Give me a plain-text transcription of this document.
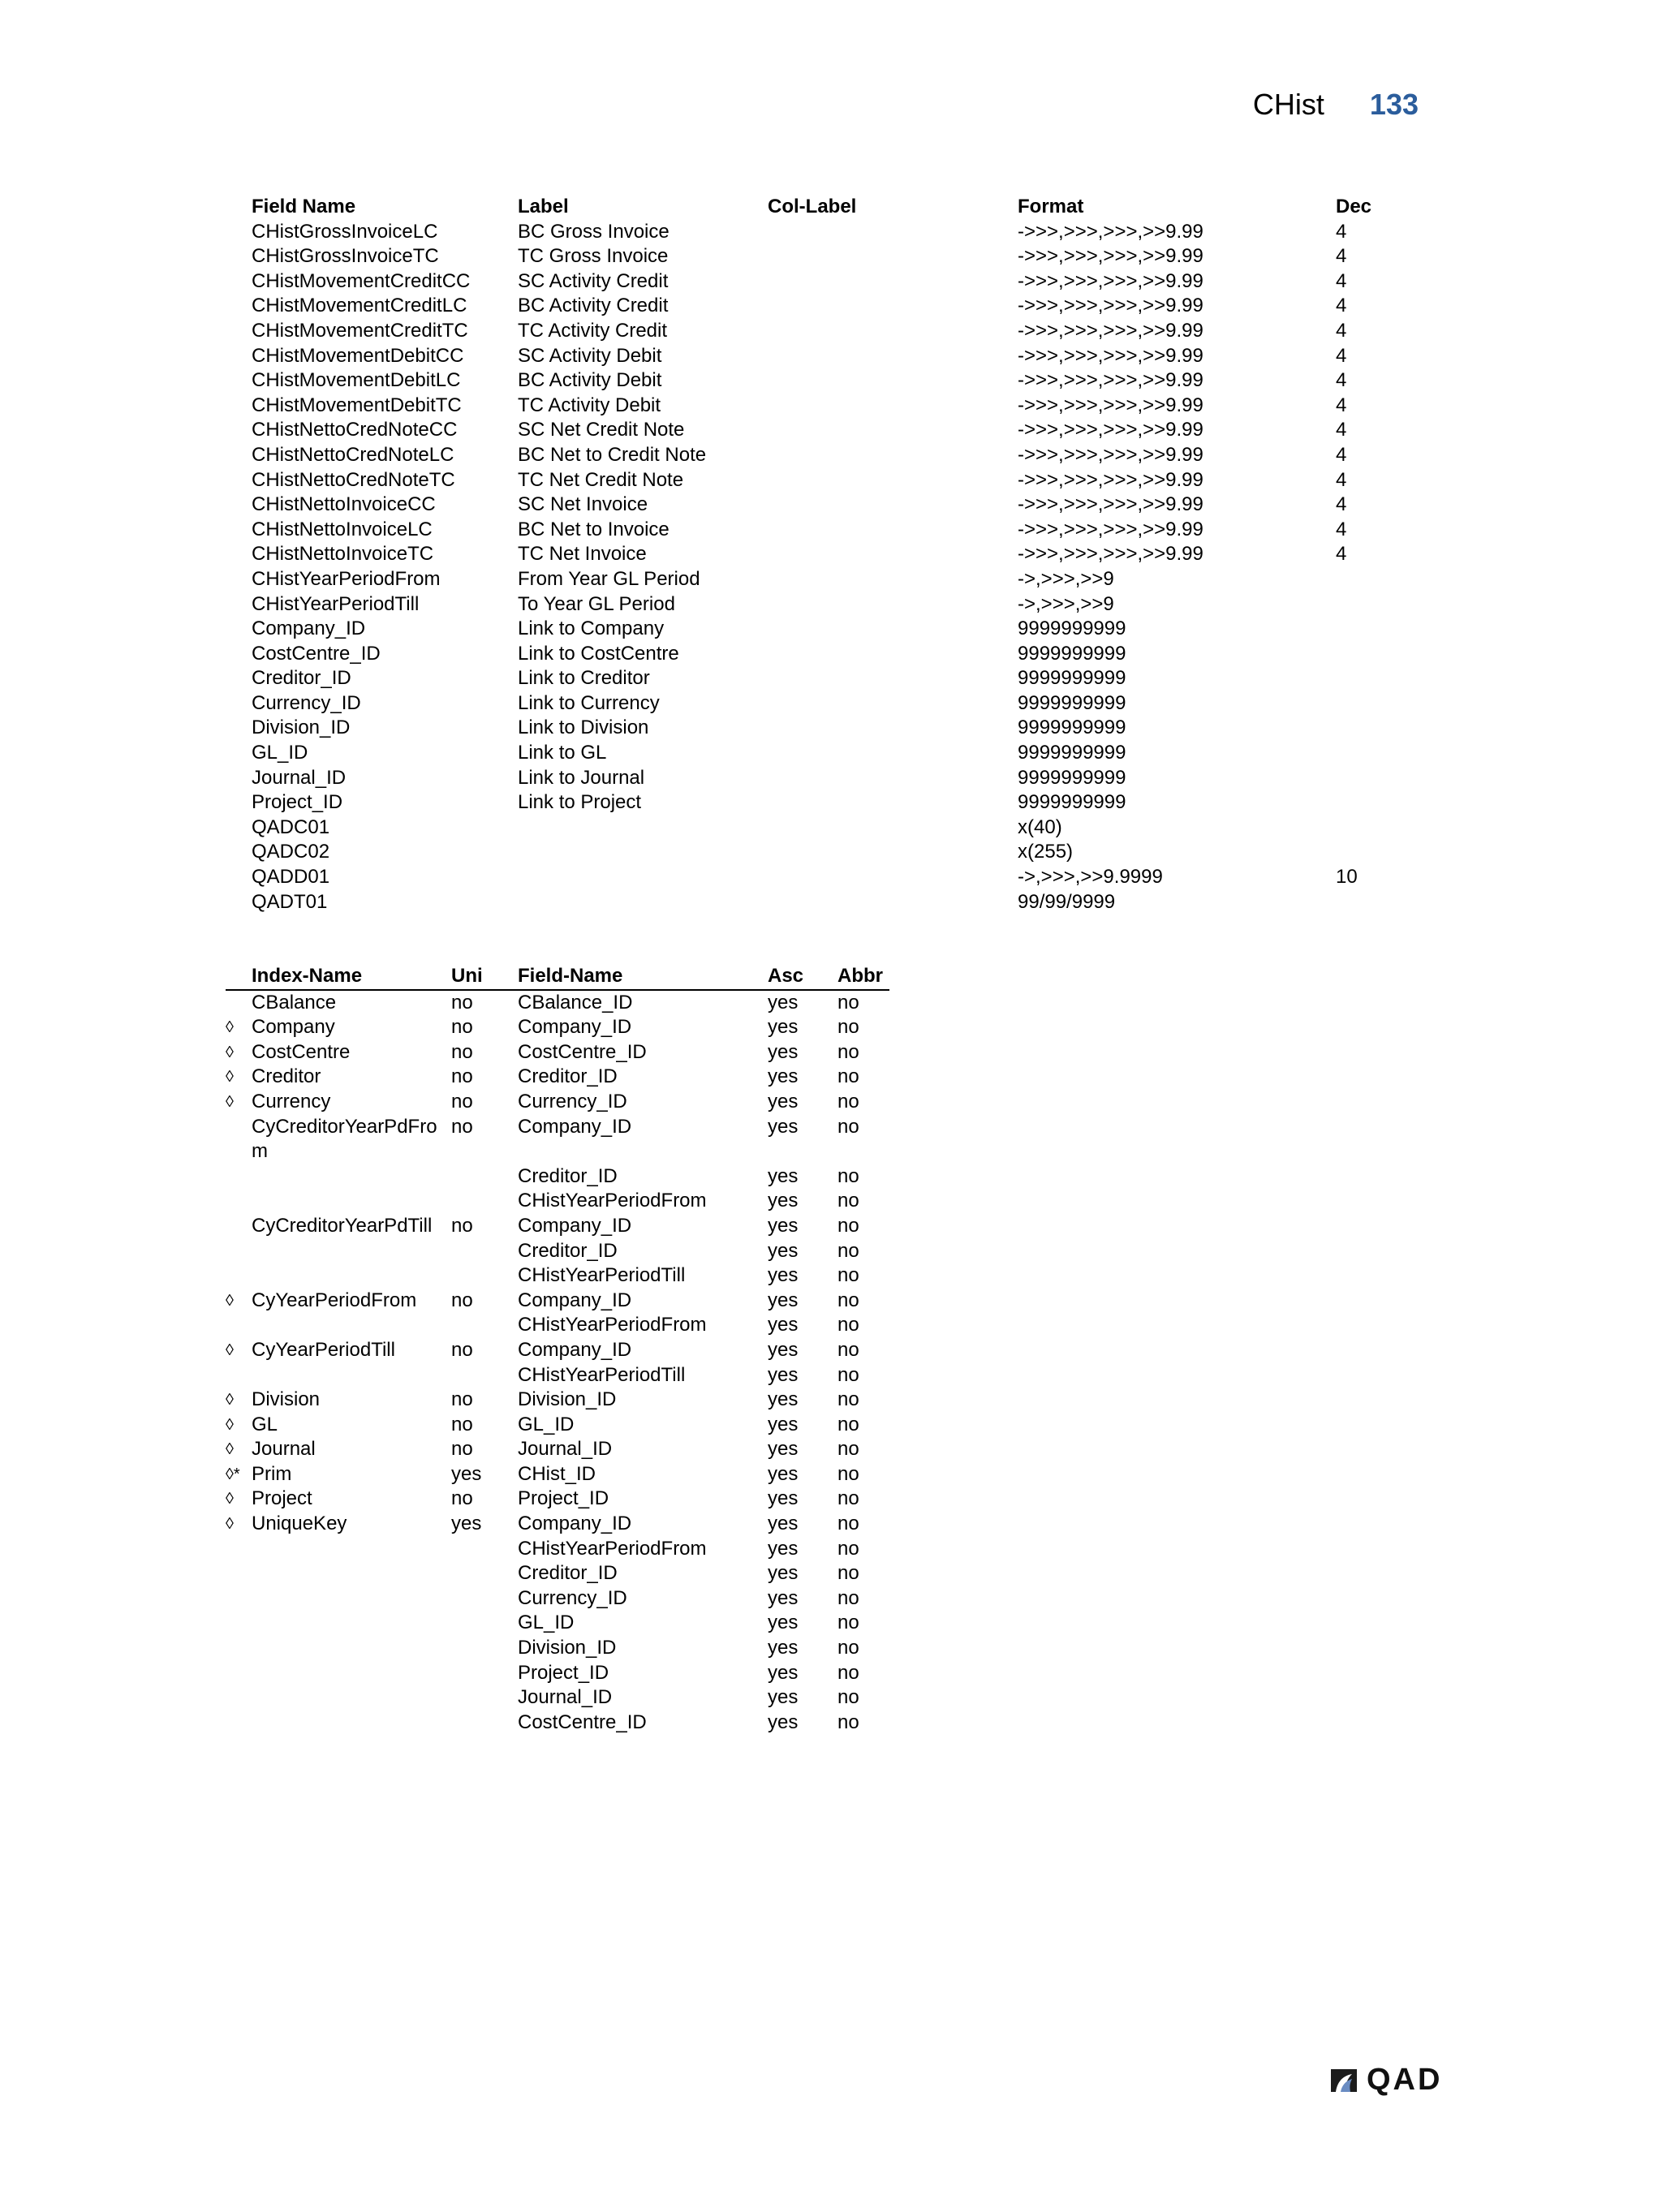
CHist 133
Field Name	Label	Col-Label	Format	Dec
CHistGrossInvoiceLC	BC Gross Invoice		->>>,>>>,>>>,>>9.99	4
CHistGrossInvoiceTC	TC Gross Invoice		->>>,>>>,>>>,>>9.99	4
CHistMovementCreditCC	SC Activity Credit		->>>,>>>,>>>,>>9.99	4
CHistMovementCreditLC	BC Activity Credit		->>>,>>>,>>>,>>9.99	4
CHistMovementCreditTC	TC Activity Credit		->>>,>>>,>>>,>>9.99	4
CHistMovementDebitCC	SC Activity Debit		->>>,>>>,>>>,>>9.99	4
CHistMovementDebitLC	BC Activity Debit		->>>,>>>,>>>,>>9.99	4
CHistMovementDebitTC	TC Activity Debit		->>>,>>>,>>>,>>9.99	4
CHistNettoCredNoteCC	SC Net Credit Note		->>>,>>>,>>>,>>9.99	4
CHistNettoCredNoteLC	BC Net to Credit Note		->>>,>>>,>>>,>>9.99	4
CHistNettoCredNoteTC	TC Net Credit Note		->>>,>>>,>>>,>>9.99	4
CHistNettoInvoiceCC	SC Net Invoice		->>>,>>>,>>>,>>9.99	4
CHistNettoInvoiceLC	BC Net to Invoice		->>>,>>>,>>>,>>9.99	4
CHistNettoInvoiceTC	TC Net Invoice		->>>,>>>,>>>,>>9.99	4
CHistYearPeriodFrom	From Year GL Period		->,>>>,>>9	
CHistYearPeriodTill	To Year GL Period		->,>>>,>>9	
Company_ID	Link to Company		9999999999	
CostCentre_ID	Link to CostCentre		9999999999	
Creditor_ID	Link to Creditor		9999999999	
Currency_ID	Link to Currency		9999999999	
Division_ID	Link to Division		9999999999	
GL_ID	Link to GL		9999999999	
Journal_ID	Link to Journal		9999999999	
Project_ID	Link to Project		9999999999	
QADC01			x(40)	
QADC02			x(255)	
QADD01			->,>>>,>>9.9999	10
QADT01			99/99/9999	
	Index-Name	Uni	Field-Name	Asc	Abbr
	CBalance	no	CBalance_ID	yes	no
◊	Company	no	Company_ID	yes	no
◊	CostCentre	no	CostCentre_ID	yes	no
◊	Creditor	no	Creditor_ID	yes	no
◊	Currency	no	Currency_ID	yes	no
	CyCreditorYearPdFrom	no	Company_ID	yes	no
			Creditor_ID	yes	no
			CHistYearPeriodFrom	yes	no
	CyCreditorYearPdTill	no	Company_ID	yes	no
			Creditor_ID	yes	no
			CHistYearPeriodTill	yes	no
◊	CyYearPeriodFrom	no	Company_ID	yes	no
			CHistYearPeriodFrom	yes	no
◊	CyYearPeriodTill	no	Company_ID	yes	no
			CHistYearPeriodTill	yes	no
◊	Division	no	Division_ID	yes	no
◊	GL	no	GL_ID	yes	no
◊	Journal	no	Journal_ID	yes	no
◊*	Prim	yes	CHist_ID	yes	no
◊	Project	no	Project_ID	yes	no
◊	UniqueKey	yes	Company_ID	yes	no
			CHistYearPeriodFrom	yes	no
			Creditor_ID	yes	no
			Currency_ID	yes	no
			GL_ID	yes	no
			Division_ID	yes	no
			Project_ID	yes	no
			Journal_ID	yes	no
			CostCentre_ID	yes	no
QAD
